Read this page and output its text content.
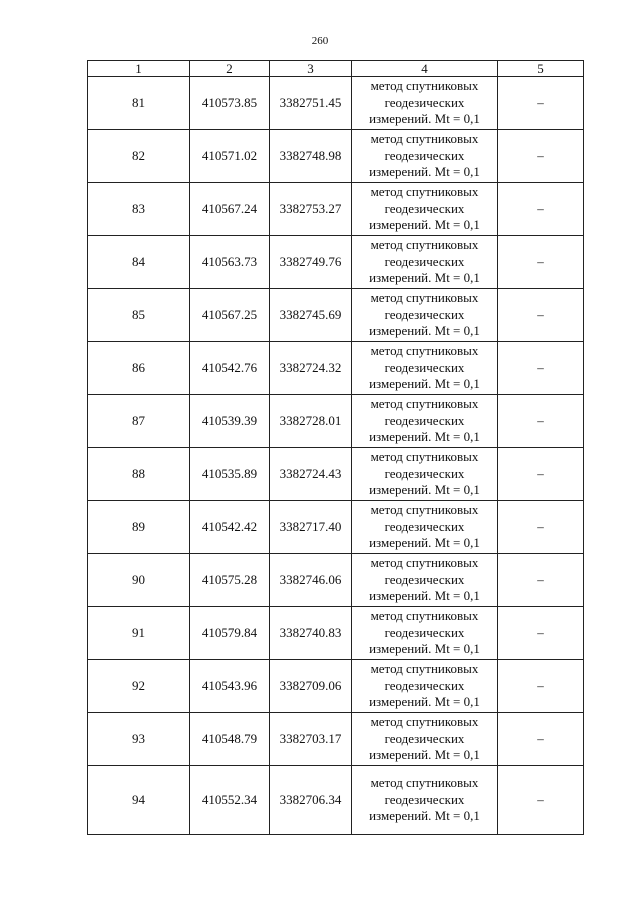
260
1	2	3	4	5
81	410573.85	3382751.45	метод спутниковых
геодезических
измерений. Mt = 0,1	–
82	410571.02	3382748.98	метод спутниковых
геодезических
измерений. Mt = 0,1	–
83	410567.24	3382753.27	метод спутниковых
геодезических
измерений. Mt = 0,1	–
84	410563.73	3382749.76	метод спутниковых
геодезических
измерений. Mt = 0,1	–
85	410567.25	3382745.69	метод спутниковых
геодезических
измерений. Mt = 0,1	–
86	410542.76	3382724.32	метод спутниковых
геодезических
измерений. Mt = 0,1	–
87	410539.39	3382728.01	метод спутниковых
геодезических
измерений. Mt = 0,1	–
88	410535.89	3382724.43	метод спутниковых
геодезических
измерений. Mt = 0,1	–
89	410542.42	3382717.40	метод спутниковых
геодезических
измерений. Mt = 0,1	–
90	410575.28	3382746.06	метод спутниковых
геодезических
измерений. Mt = 0,1	–
91	410579.84	3382740.83	метод спутниковых
геодезических
измерений. Mt = 0,1	–
92	410543.96	3382709.06	метод спутниковых
геодезических
измерений. Mt = 0,1	–
93	410548.79	3382703.17	метод спутниковых
геодезических
измерений. Mt = 0,1	–
94	410552.34	3382706.34	метод спутниковых
геодезических
измерений. Mt = 0,1	–
